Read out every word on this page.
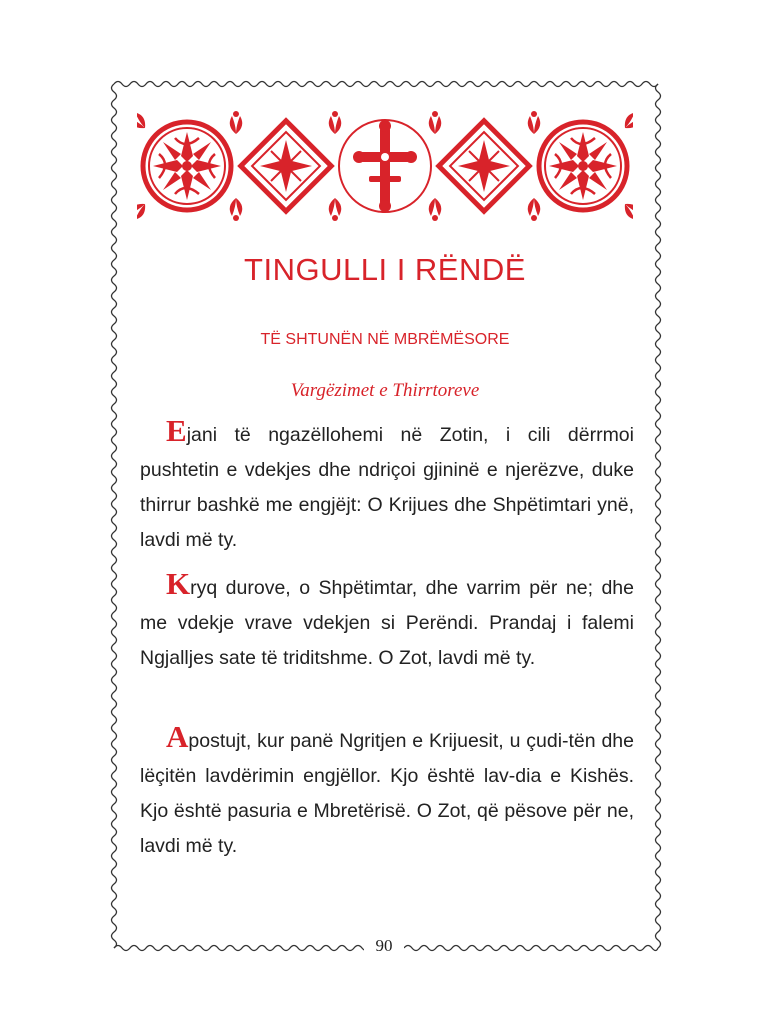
TINGULLI I RËNDË
TË SHTUNËN NË MBRËMËSORE
Vargëzimet e Thirrtoreve

Ejani të ngazëllohemi në Zotin, i cili dërrmoi pushtetin e vdekjes dhe ndriçoi gjininë e njerëzve, duke thirrur bashkë me engjëjt: O Krijues dhe Shpëtimtari ynë, lavdi më ty.

Kryq durove, o Shpëtimtar, dhe varrim për ne; dhe me vdekje vrave vdekjen si Perëndi. Prandaj i falemi Ngjalljes sate të triditshme. O Zot, lavdi më ty.

Apostujt, kur panë Ngritjen e Krijuesit, u çudi-tën dhe lëçitën lavdërimin engjëllor. Kjo është lav-dia e Kishës. Kjo është pasuria e Mbretërisë. O Zot, që pësove për ne, lavdi më ty.

90
